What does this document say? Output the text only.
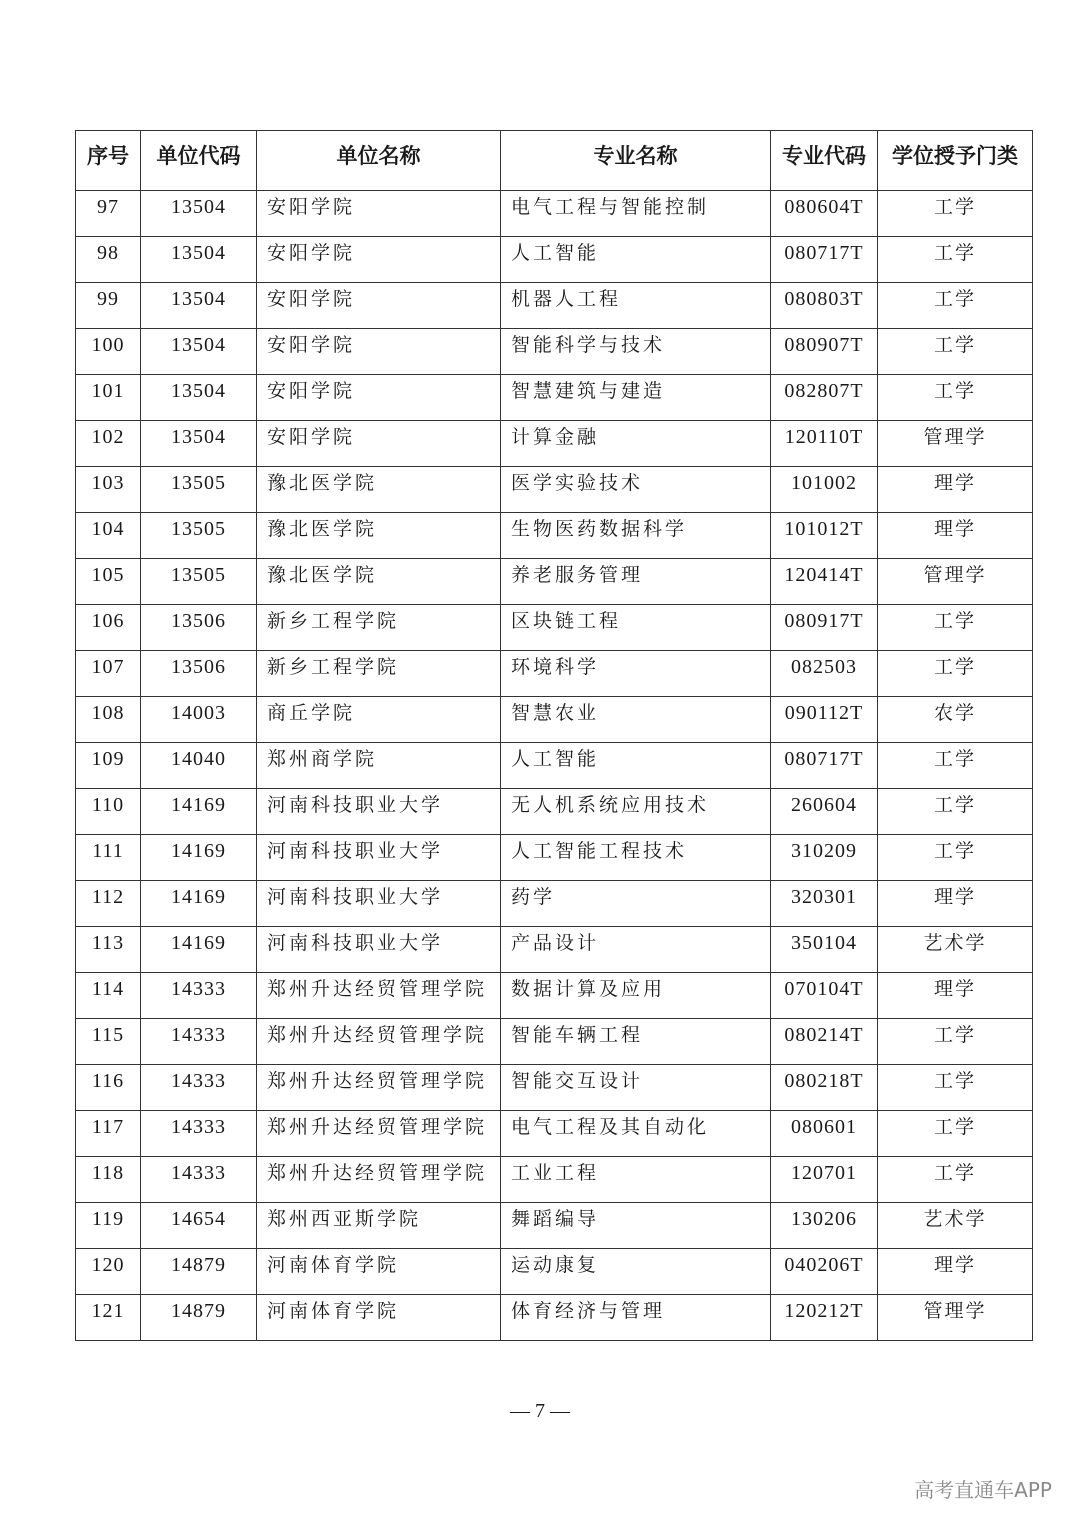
序号	单位代码	单位名称	专业名称	专业代码	学位授予门类
97	13504	安阳学院	电气工程与智能控制	080604T	工学
98	13504	安阳学院	人工智能	080717T	工学
99	13504	安阳学院	机器人工程	080803T	工学
100	13504	安阳学院	智能科学与技术	080907T	工学
101	13504	安阳学院	智慧建筑与建造	082807T	工学
102	13504	安阳学院	计算金融	120110T	管理学
103	13505	豫北医学院	医学实验技术	101002	理学
104	13505	豫北医学院	生物医药数据科学	101012T	理学
105	13505	豫北医学院	养老服务管理	120414T	管理学
106	13506	新乡工程学院	区块链工程	080917T	工学
107	13506	新乡工程学院	环境科学	082503	工学
108	14003	商丘学院	智慧农业	090112T	农学
109	14040	郑州商学院	人工智能	080717T	工学
110	14169	河南科技职业大学	无人机系统应用技术	260604	工学
111	14169	河南科技职业大学	人工智能工程技术	310209	工学
112	14169	河南科技职业大学	药学	320301	理学
113	14169	河南科技职业大学	产品设计	350104	艺术学
114	14333	郑州升达经贸管理学院	数据计算及应用	070104T	理学
115	14333	郑州升达经贸管理学院	智能车辆工程	080214T	工学
116	14333	郑州升达经贸管理学院	智能交互设计	080218T	工学
117	14333	郑州升达经贸管理学院	电气工程及其自动化	080601	工学
118	14333	郑州升达经贸管理学院	工业工程	120701	工学
119	14654	郑州西亚斯学院	舞蹈编导	130206	艺术学
120	14879	河南体育学院	运动康复	040206T	理学
121	14879	河南体育学院	体育经济与管理	120212T	管理学
— 7 —
高考直通车APP
